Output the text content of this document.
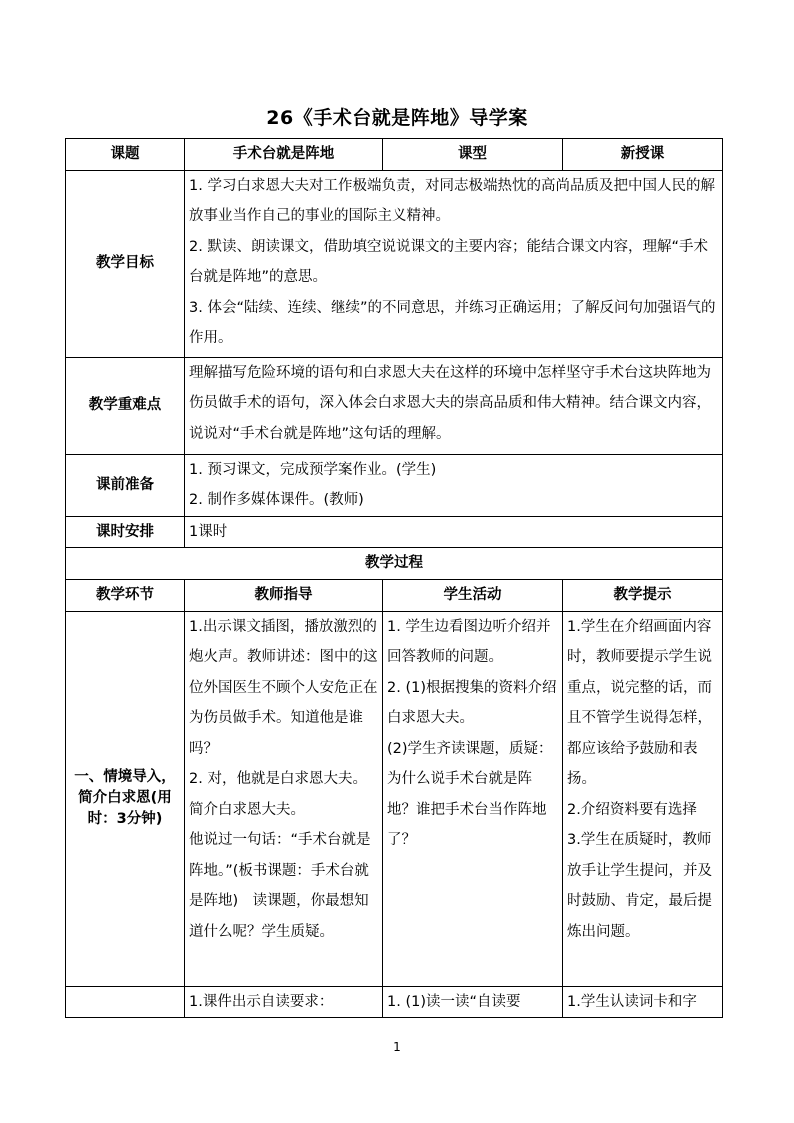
26《手术台就是阵地》导学案
课题	手术台就是阵地	课型	新授课
教学目标	1. 学习白求恩大夫对工作极端负责，对同志极端热忱的高尚品质及把中国人民的解放事业当作自己的事业的国际主义精神。
2. 默读、朗读课文，借助填空说说课文的主要内容；能结合课文内容，理解“手术台就是阵地”的意思。
3. 体会“陆续、连续、继续”的不同意思，并练习正确运用；了解反问句加强语气的作用。		

教学重难点	理解描写危险环境的语句和白求恩大夫在这样的环境中怎样坚守手术台这块阵地为伤员做手术的语句，深入体会白求恩大夫的崇高品质和伟大精神。结合课文内容，说说对“手术台就是阵地”这句话的理解。		
课前准备	1. 预习课文，完成预学案作业。(学生)
2. 制作多媒体课件。(教师)		

课时安排	1课时		
教学过程			
教学环节	教师指导	学生活动	教学提示
一、情境导入，简介白求恩(用时：3分钟)	1.出示课文插图，播放激烈的炮火声。教师讲述：图中的这位外国医生不顾个人安危正在为伤员做手术。知道他是谁吗？
2. 对，他就是白求恩大夫。简介白求恩大夫。
他说过一句话：“手术台就是阵地。”(板书课题：手术台就是阵地)　读课题，你最想知道什么呢？学生质疑。	1. 学生边看图边听介绍并回答教师的问题。
2. (1)根据搜集的资料介绍白求恩大夫。
(2)学生齐读课题，质疑：为什么说手术台就是阵地？谁把手术台当作阵地了？	1.学生在介绍画面内容时，教师要提示学生说重点，说完整的话，而且不管学生说得怎样，都应该给予鼓励和表扬。
2.介绍资料要有选择
3.学生在质疑时，教师放手让学生提问，并及时鼓励、肯定，最后提炼出问题。

	1.课件出示自读要求：	1. (1)读一读“自读要	1.学生认读词卡和字
1
